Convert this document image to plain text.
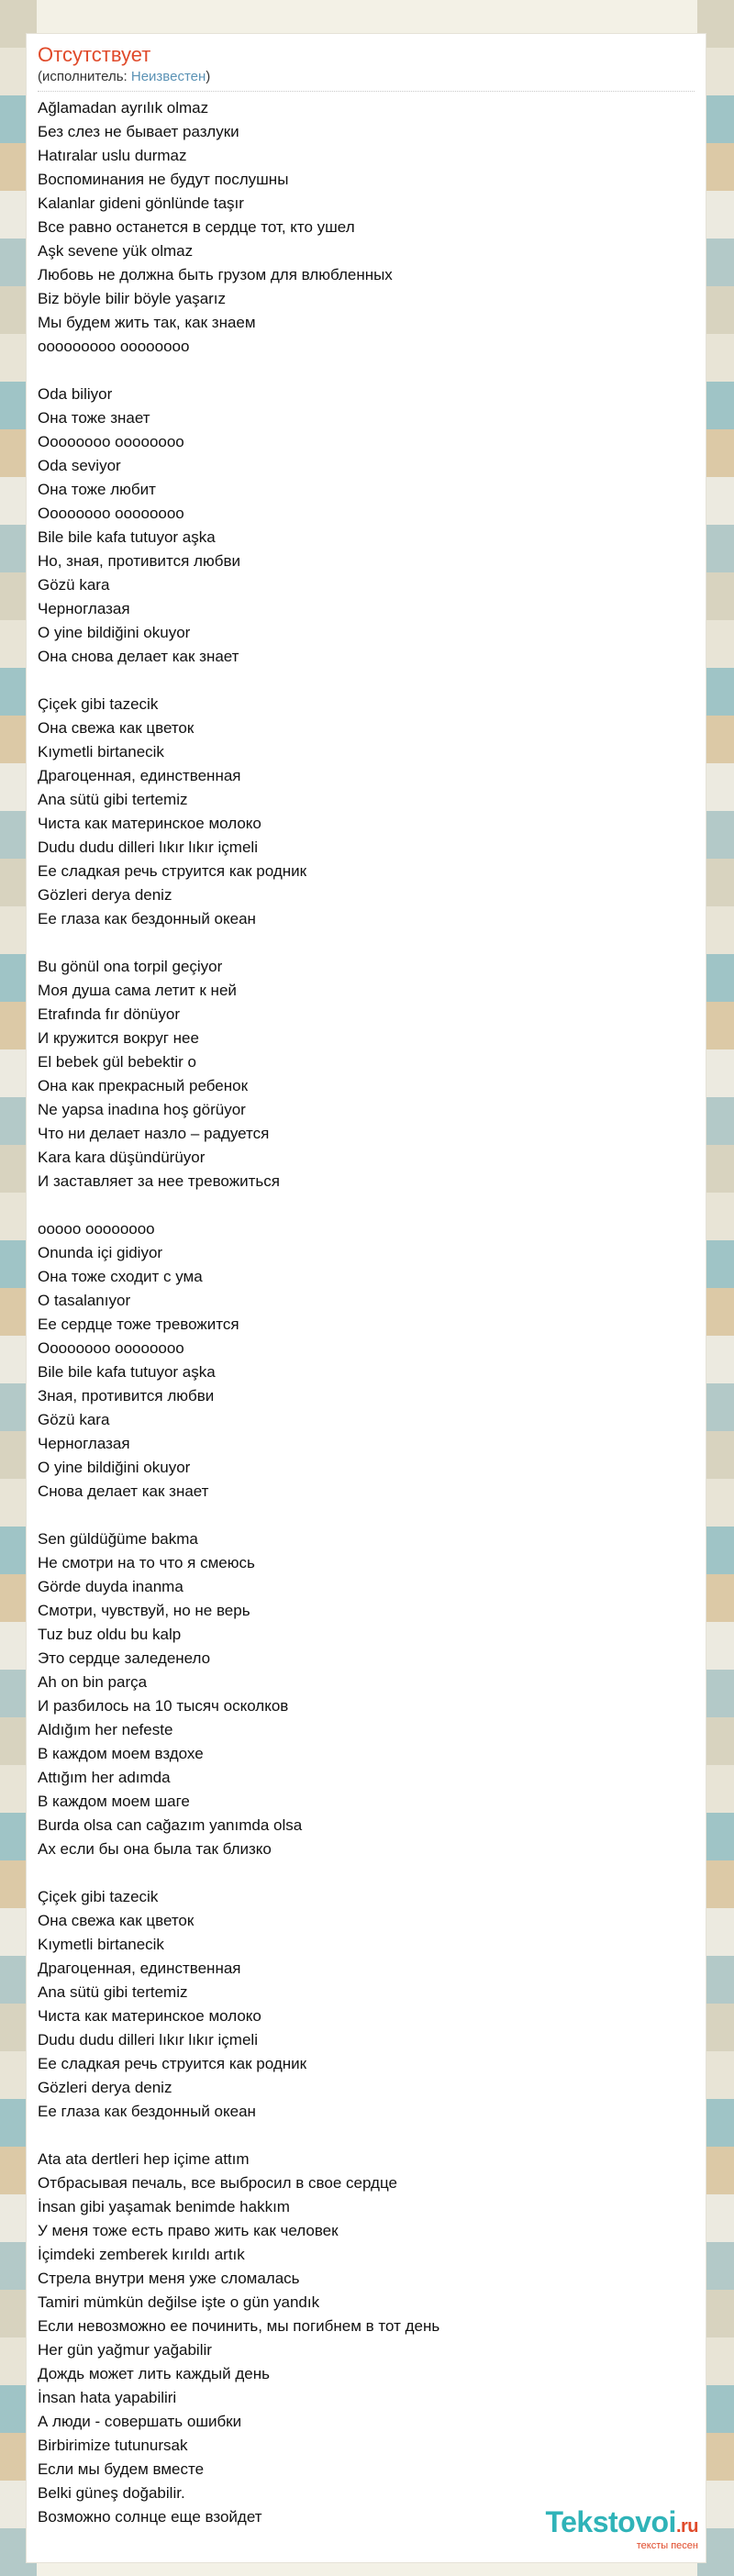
Отсутствует
(исполнитель: Неизвестен)
Ağlamadan ayrılık olmaz
Без слез не бывает разлуки
Hatıralar uslu durmaz
Воспоминания не будут послушны
Kalanlar gideni gönlünde taşır
Все равно останется в сердце тот, кто ушел
Aşk sevene yük olmaz
Любовь не должна быть грузом для влюбленных
Biz böyle bilir böyle yaşarız
Мы будем жить так, как знаем
ооооооооо оооооооо
Oda biliyor
Она тоже знает
Оооооооо оооооооо
Oda seviyor
Она тоже любит
Оооооооо оооооооо
Bile bile kafa tutuyor aşka
Но, зная, противится любви
Gözü kara
Черноглазая
O yine bildiğini okuyor
Она снова делает как знает
Çiçek gibi tazecik
Она свежа как цветок
Kıymetli birtanecik
Драгоценная, единственная
Ana sütü gibi tertemiz
Чиста как материнское молоко
Dudu dudu dilleri lıkır lıkır içmeli
Ее сладкая речь струится как родник
Gözleri derya deniz
Ее глаза как бездонный океан
Bu gönül ona torpil geçiyor
Моя душа сама летит к ней
Etrafında fır dönüyor
И кружится вокруг нее
El bebek gül bebektir o
Она как прекрасный ребенок
Ne yapsa inadına hoş görüyor
Что ни делает назло – радуется
Kara kara düşündürüyor
И заставляет за нее тревожиться
ооооо оооооооо
Onunda içi gidiyor
Она тоже сходит с ума
O tasalanıyor
Ее сердце тоже тревожится
Оооооооо оооооооо
Bile bile kafa tutuyor aşka
Зная, противится любви
Gözü kara
Черноглазая
O yine bildiğini okuyor
Снова делает как знает
Sen güldüğüme bakma
Не смотри на то что я смеюсь
Görde duyda inanma
Смотри, чувствуй, но не верь
Tuz buz oldu bu kalp
Это сердце заледенело
Ah on bin parça
И разбилось на 10 тысяч осколков
Aldığım her nefeste
В каждом моем вздохе
Attığım her adımda
В каждом моем шаге
Burda olsa can cağazım yanımda olsa
Ах если бы она была так близко
Çiçek gibi tazecik
Она свежа как цветок
Kıymetli birtanecik
Драгоценная, единственная
Ana sütü gibi tertemiz
Чиста как материнское молоко
Dudu dudu dilleri lıkır lıkır içmeli
Ее сладкая речь струится как родник
Gözleri derya deniz
Ее глаза как бездонный океан
Ata ata dertleri hep içime attım
Отбрасывая печаль, все выбросил в свое сердце
İnsan gibi yaşamak benimde hakkım
У меня тоже есть право жить как человек
İçimdeki zemberek kırıldı artık
Стрела внутри меня уже сломалась
Tamiri mümkün değilse işte o gün yandık
Если невозможно ее починить, мы погибнем в тот день
Her gün yağmur yağabilir
Дождь может лить каждый день
İnsan hata yapabiliri
А люди - совершать ошибки
Birbirimize tutunursak
Если мы будем вместе
Belki güneş doğabilir.
Возможно солнце еще взойдет	Tekstovoi.ru
тексты песен
